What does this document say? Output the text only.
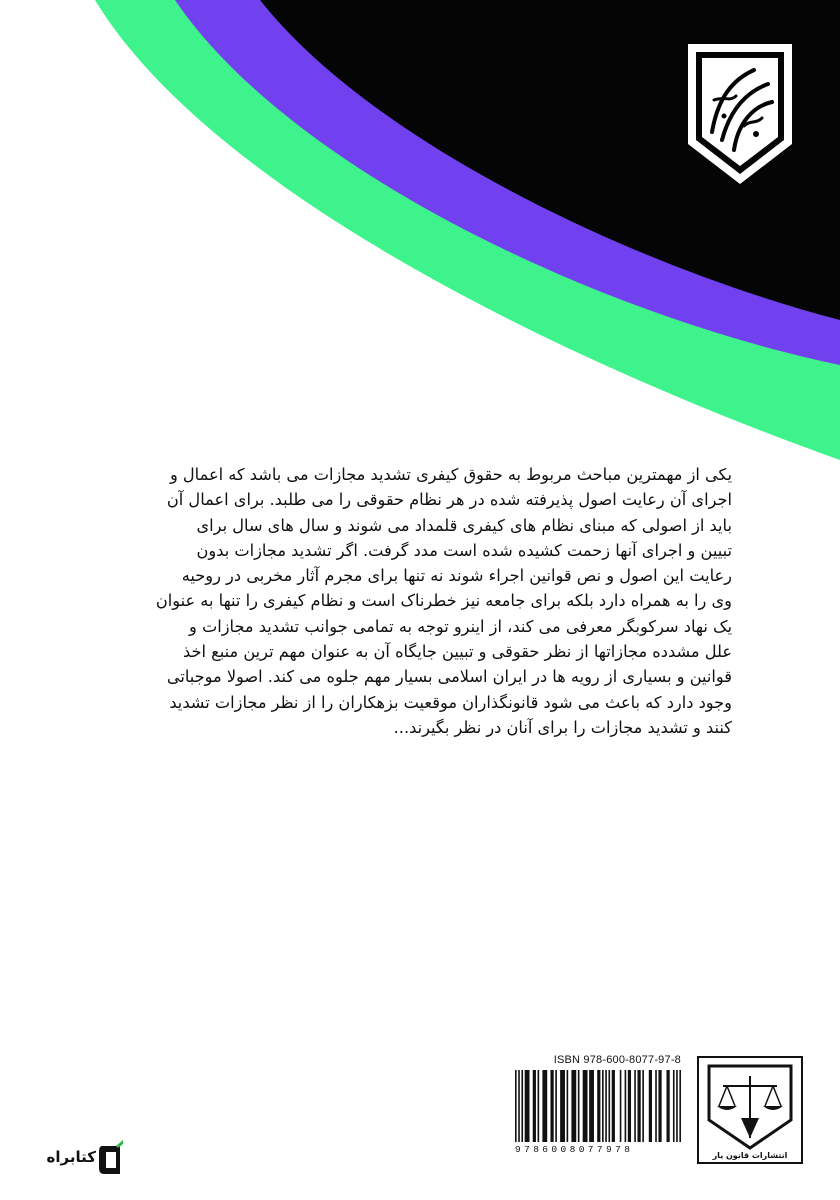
یکی از مهمترین مباحث مربوط به حقوق کیفری تشدید مجازات می باشد که اعمال و
اجرای آن رعایت اصول پذیرفته شده در هر نظام حقوقی را می طلبد. برای اعمال آن
باید از اصولی که مبنای نظام های کیفری قلمداد می شوند و سال های سال برای
تبیین و اجرای آنها زحمت کشیده شده است مدد گرفت. اگر تشدید مجازات بدون
رعایت این اصول و نص قوانین اجراء شوند نه تنها برای مجرم آثار مخربی در روحیه
وی را به همراه دارد بلکه برای جامعه نیز خطرناک است و نظام کیفری را تنها به عنوان
یک نهاد سرکوبگر معرفی می کند، از اینرو توجه به تمامی جوانب تشدید مجازات و
علل مشدده مجازاتها از نظر حقوقی و تبیین جایگاه آن به عنوان مهم ترین منبع اخذ
قوانین و بسیاری از رویه ها در ایران اسلامی بسیار مهم جلوه می کند. اصولا موجباتی
وجود دارد که باعث می شود قانونگذاران موقعیت بزهکاران را از نظر مجازات تشدید
کنند و تشدید مجازات را برای آنان در نظر بگیرند...
ISBN 978-600-8077-97-8
9786008077978
انتشارات قانون یار
کتابراه
